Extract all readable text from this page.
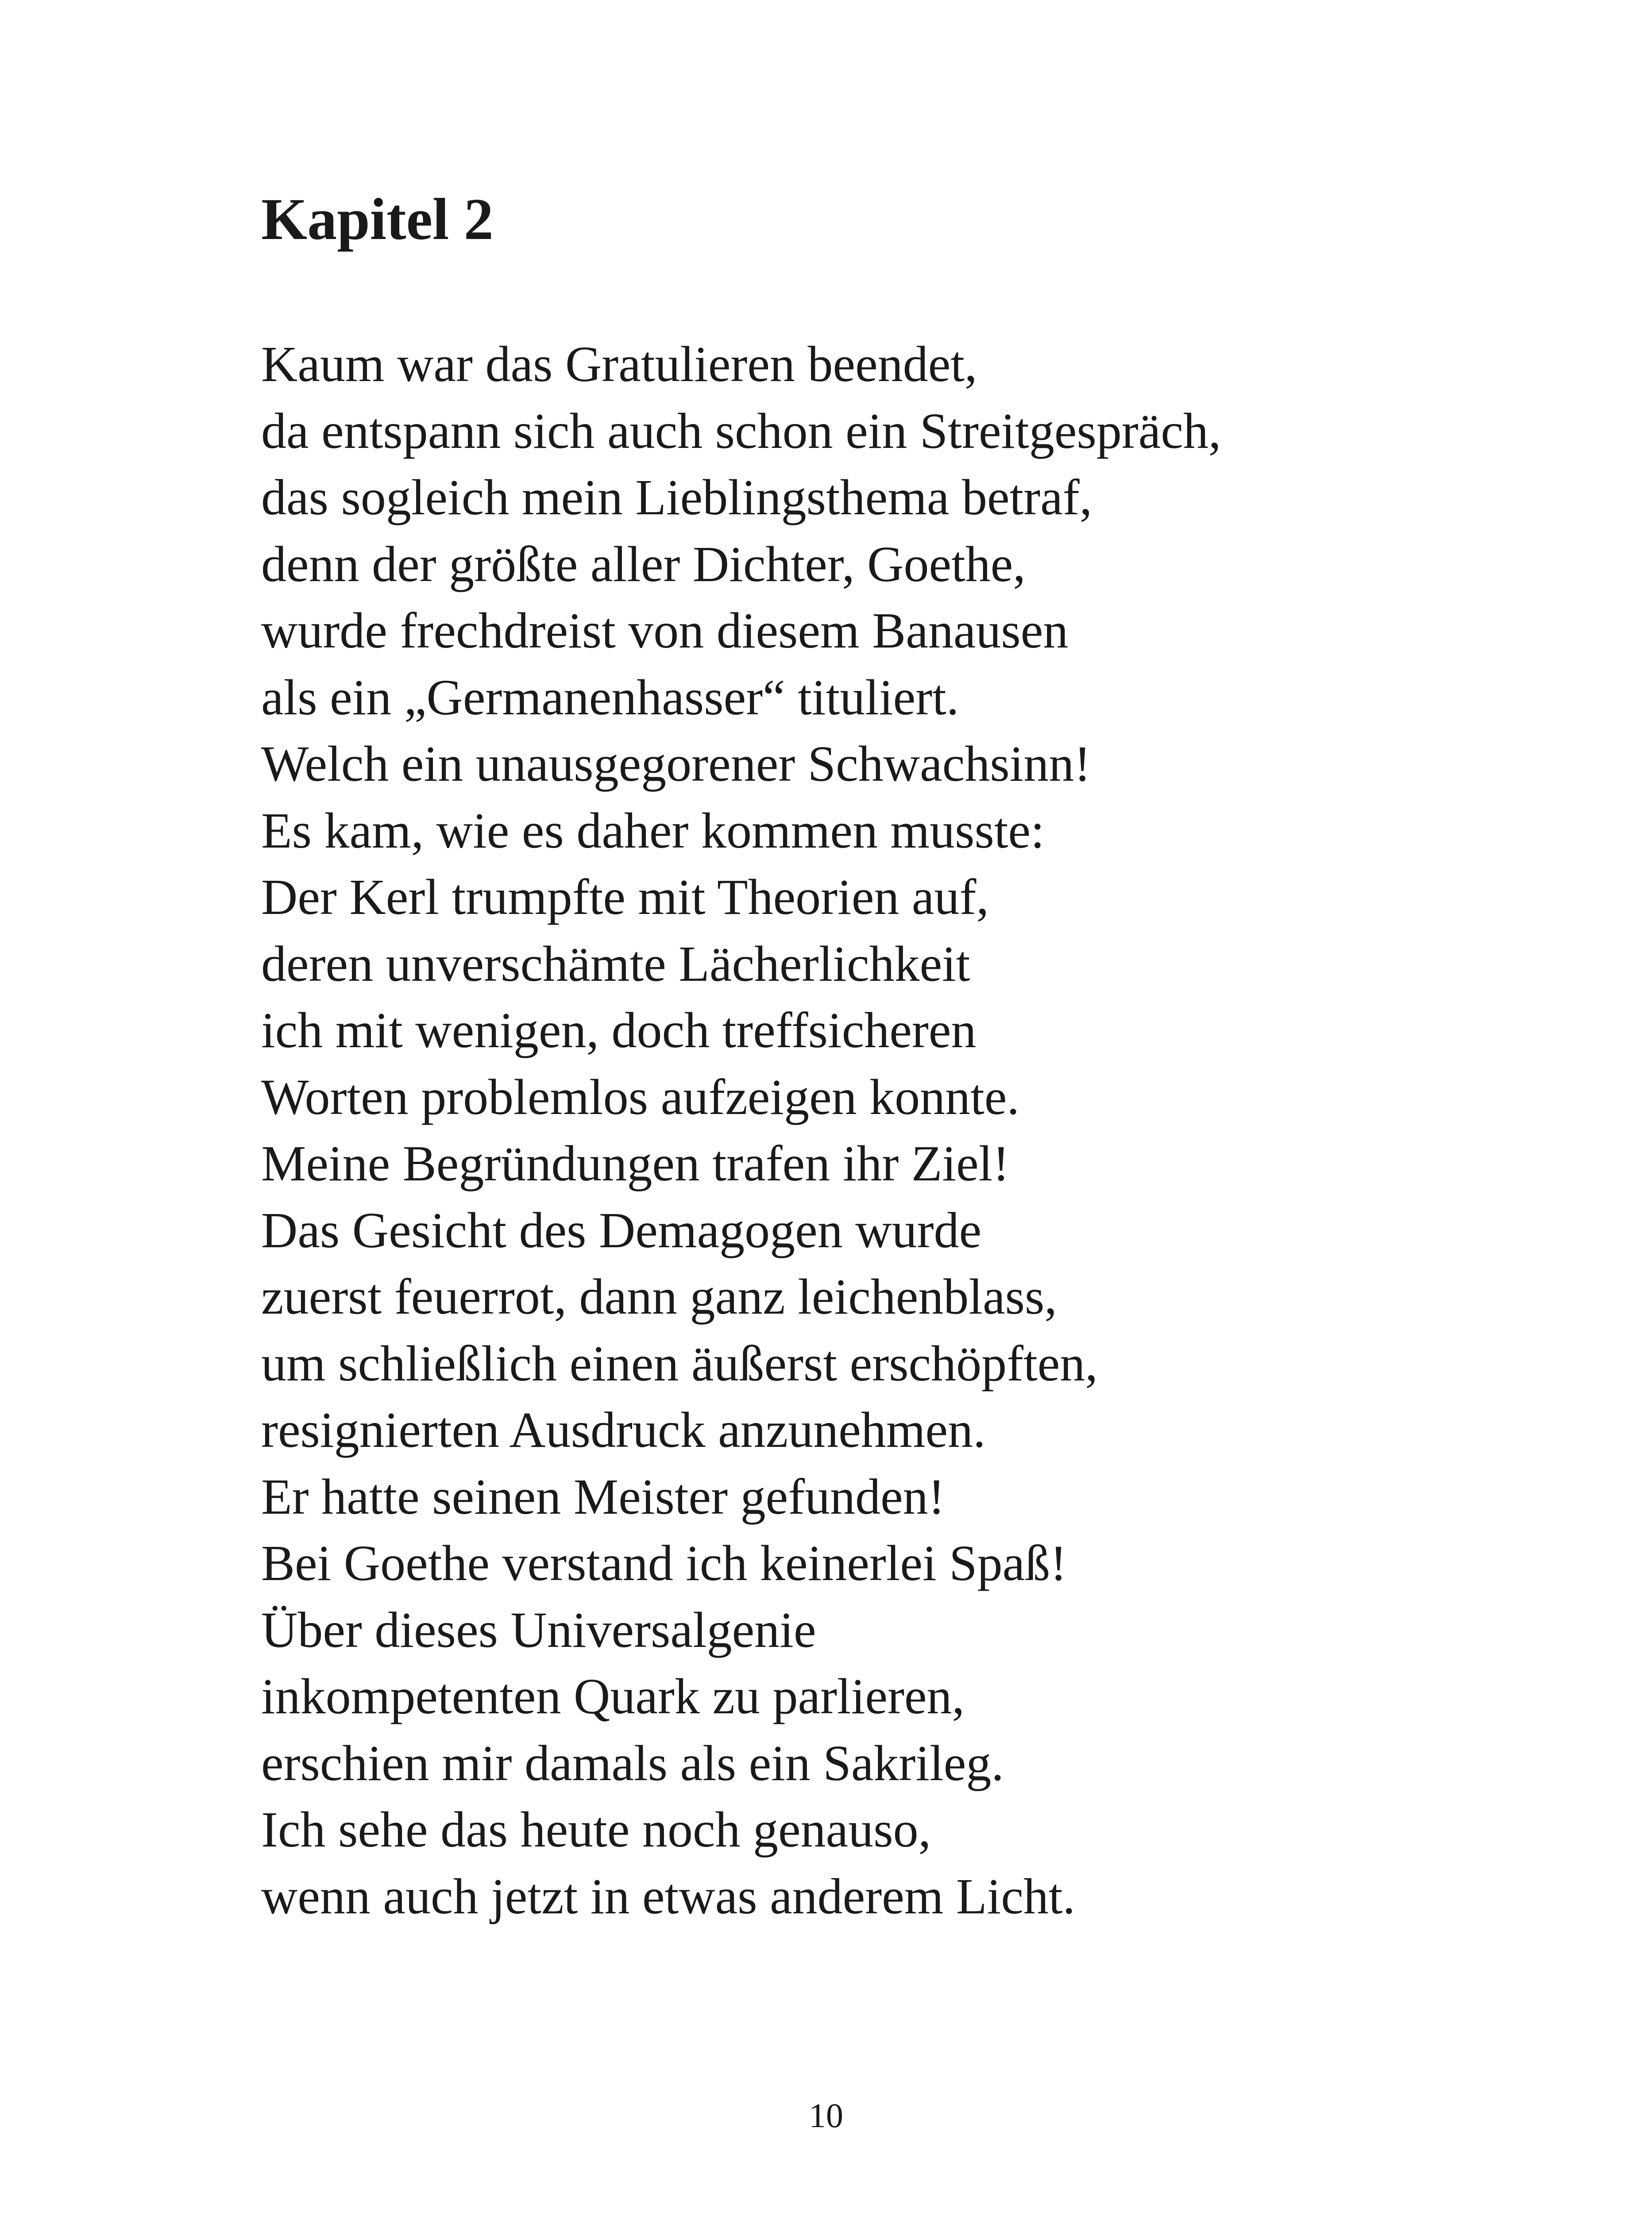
Kapitel 2
Kaum war das Gratulieren beendet,
da entspann sich auch schon ein Streitgespräch,
das sogleich mein Lieblingsthema betraf,
denn der größte aller Dichter, Goethe,
wurde frechdreist von diesem Banausen
als ein „Germanenhasser“ tituliert.
Welch ein unausgegorener Schwachsinn!
Es kam, wie es daher kommen musste:
Der Kerl trumpfte mit Theorien auf,
deren unverschämte Lächerlichkeit
ich mit wenigen, doch treffsicheren
Worten problemlos aufzeigen konnte.
Meine Begründungen trafen ihr Ziel!
Das Gesicht des Demagogen wurde
zuerst feuerrot, dann ganz leichenblass,
um schließlich einen äußerst erschöpften,
resignierten Ausdruck anzunehmen.
Er hatte seinen Meister gefunden!
Bei Goethe verstand ich keinerlei Spaß!
Über dieses Universalgenie
inkompetenten Quark zu parlieren,
erschien mir damals als ein Sakrileg.
Ich sehe das heute noch genauso,
wenn auch jetzt in etwas anderem Licht.
10
